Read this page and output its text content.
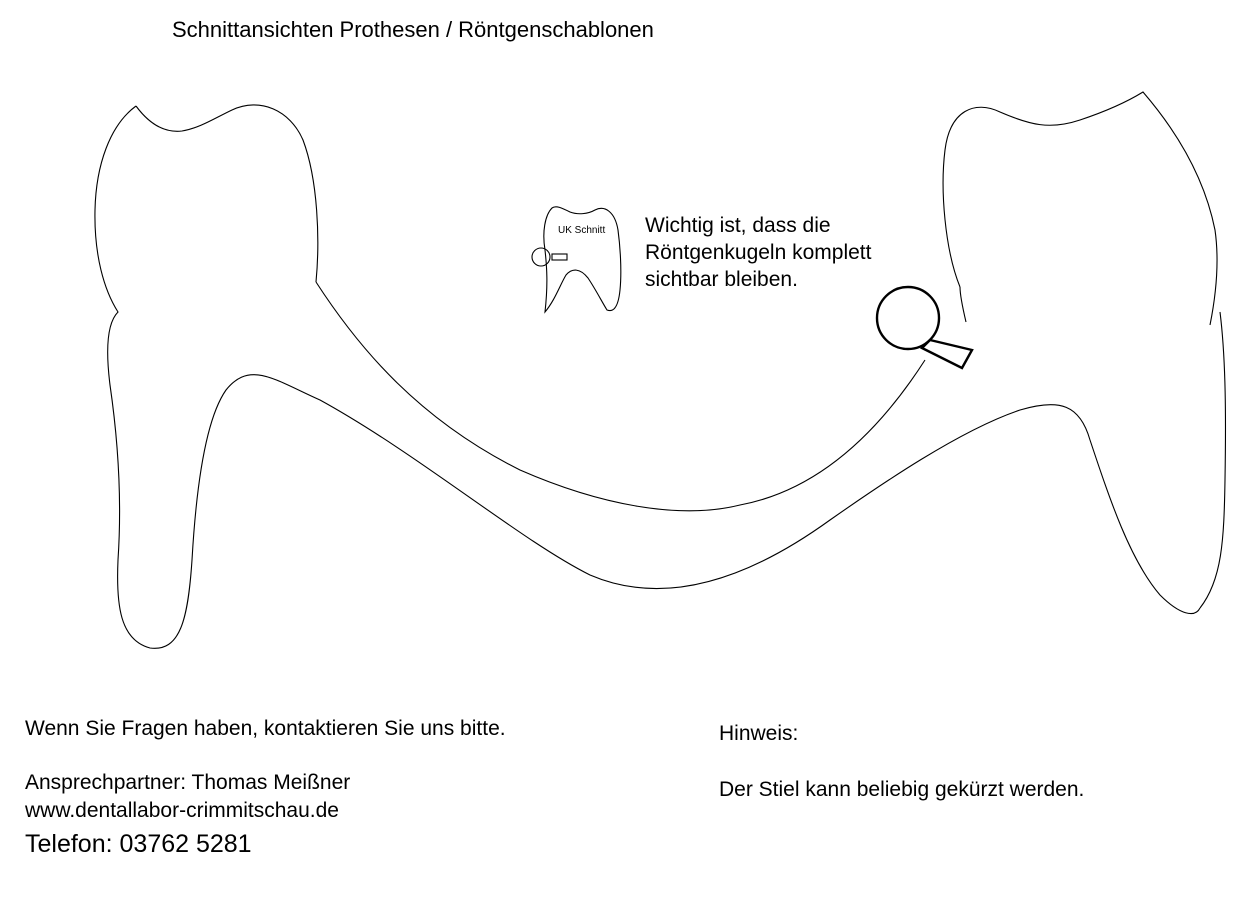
Schnittansichten Prothesen / Röntgenschablonen
UK Schnitt Wichtig ist, dass die
Röntgenkugeln komplett
sichtbar bleiben.
Wenn Sie Fragen haben, kontaktieren Sie uns bitte.
Ansprechpartner: Thomas Meißner
www.dentallabor-crimmitschau.de
Telefon: 03762 5281
Hinweis:
Der Stiel kann beliebig gekürzt werden.
